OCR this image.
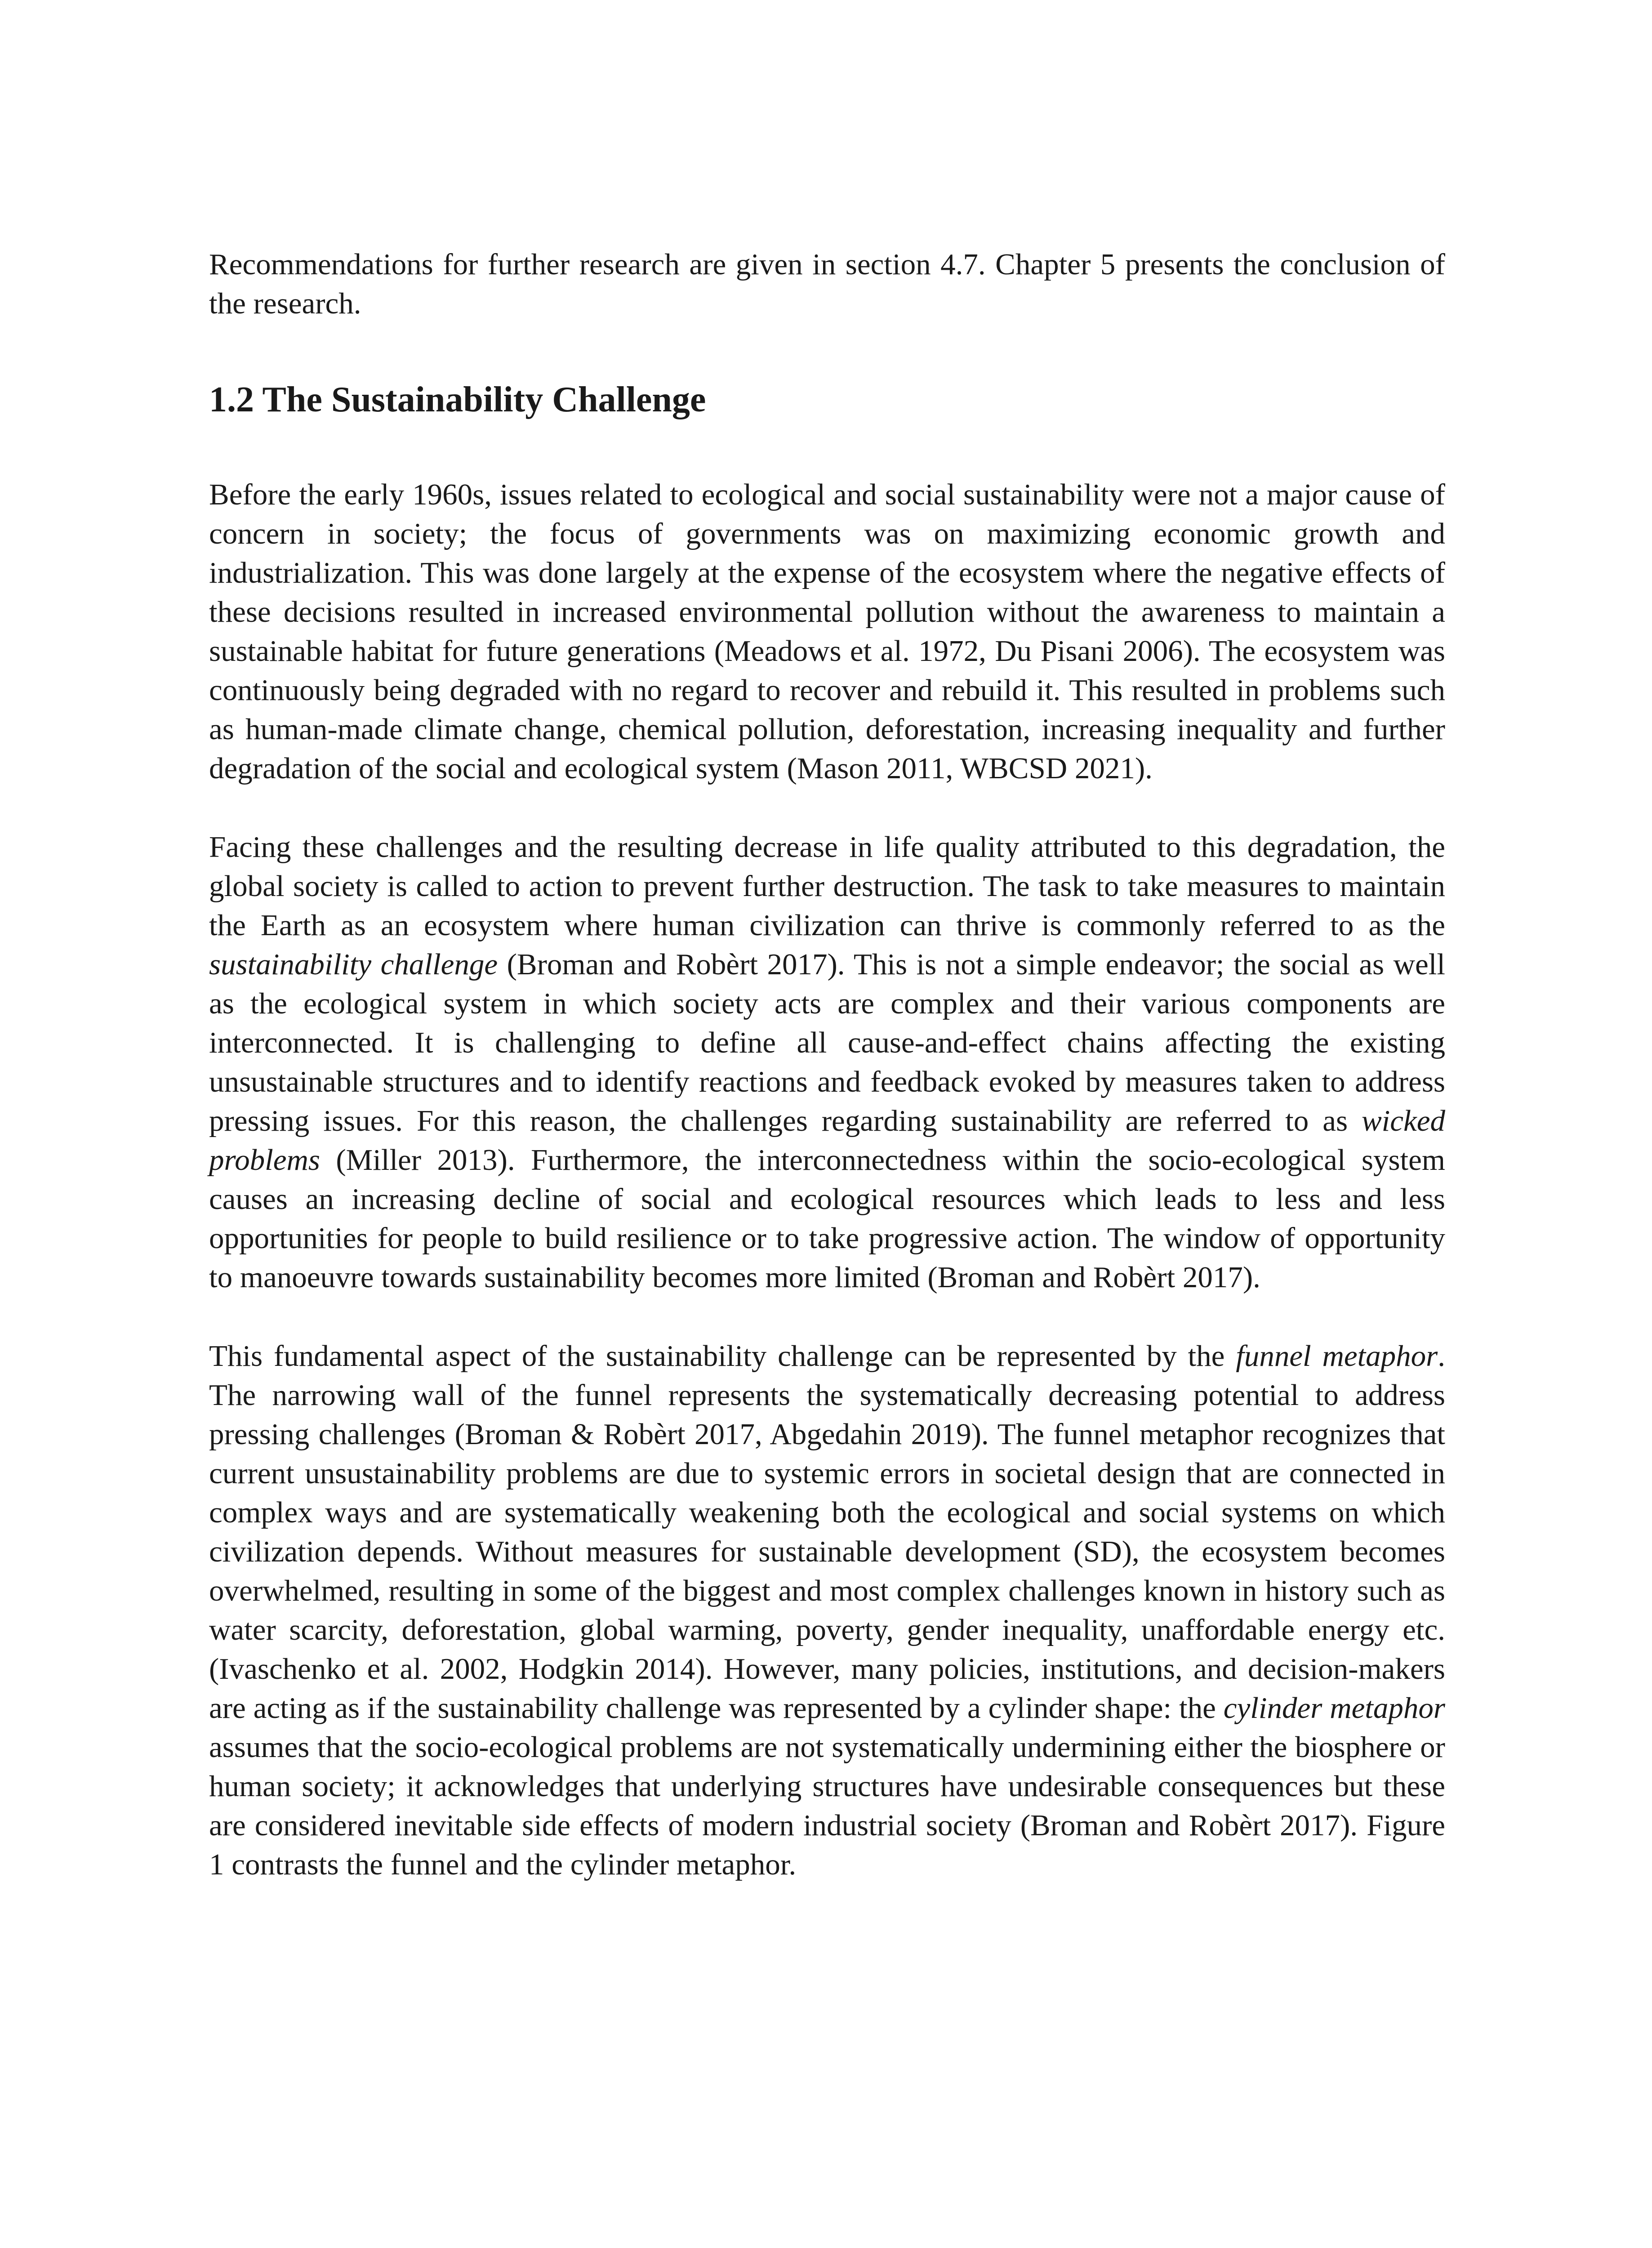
Recommendations for further research are given in section 4.7. Chapter 5 presents the conclusion of the research.

1.2 The Sustainability Challenge

Before the early 1960s, issues related to ecological and social sustainability were not a major cause of concern in society; the focus of governments was on maximizing economic growth and industrialization. This was done largely at the expense of the ecosystem where the negative effects of these decisions resulted in increased environmental pollution without the awareness to maintain a sustainable habitat for future generations (Meadows et al. 1972, Du Pisani 2006). The ecosystem was continuously being degraded with no regard to recover and rebuild it. This resulted in problems such as human-made climate change, chemical pollution, deforestation, increasing inequality and further degradation of the social and ecological system (Mason 2011, WBCSD 2021).

Facing these challenges and the resulting decrease in life quality attributed to this degradation, the global society is called to action to prevent further destruction. The task to take measures to maintain the Earth as an ecosystem where human civilization can thrive is commonly referred to as the sustainability challenge (Broman and Robèrt 2017). This is not a simple endeavor; the social as well as the ecological system in which society acts are complex and their various components are interconnected. It is challenging to define all cause-and-effect chains affecting the existing unsustainable structures and to identify reactions and feedback evoked by measures taken to address pressing issues. For this reason, the challenges regarding sustainability are referred to as wicked problems (Miller 2013). Furthermore, the interconnectedness within the socio-ecological system causes an increasing decline of social and ecological resources which leads to less and less opportunities for people to build resilience or to take progressive action. The window of opportunity to manoeuvre towards sustainability becomes more limited (Broman and Robèrt 2017).

This fundamental aspect of the sustainability challenge can be represented by the funnel metaphor. The narrowing wall of the funnel represents the systematically decreasing potential to address pressing challenges (Broman & Robèrt 2017, Abgedahin 2019). The funnel metaphor recognizes that current unsustainability problems are due to systemic errors in societal design that are connected in complex ways and are systematically weakening both the ecological and social systems on which civilization depends. Without measures for sustainable development (SD), the ecosystem becomes overwhelmed, resulting in some of the biggest and most complex challenges known in history such as water scarcity, deforestation, global warming, poverty, gender inequality, unaffordable energy etc. (Ivaschenko et al. 2002, Hodgkin 2014). However, many policies, institutions, and decision-makers are acting as if the sustainability challenge was represented by a cylinder shape: the cylinder metaphor assumes that the socio-ecological problems are not systematically undermining either the biosphere or human society; it acknowledges that underlying structures have undesirable consequences but these are considered inevitable side effects of modern industrial society (Broman and Robèrt 2017). Figure 1 contrasts the funnel and the cylinder metaphor.
